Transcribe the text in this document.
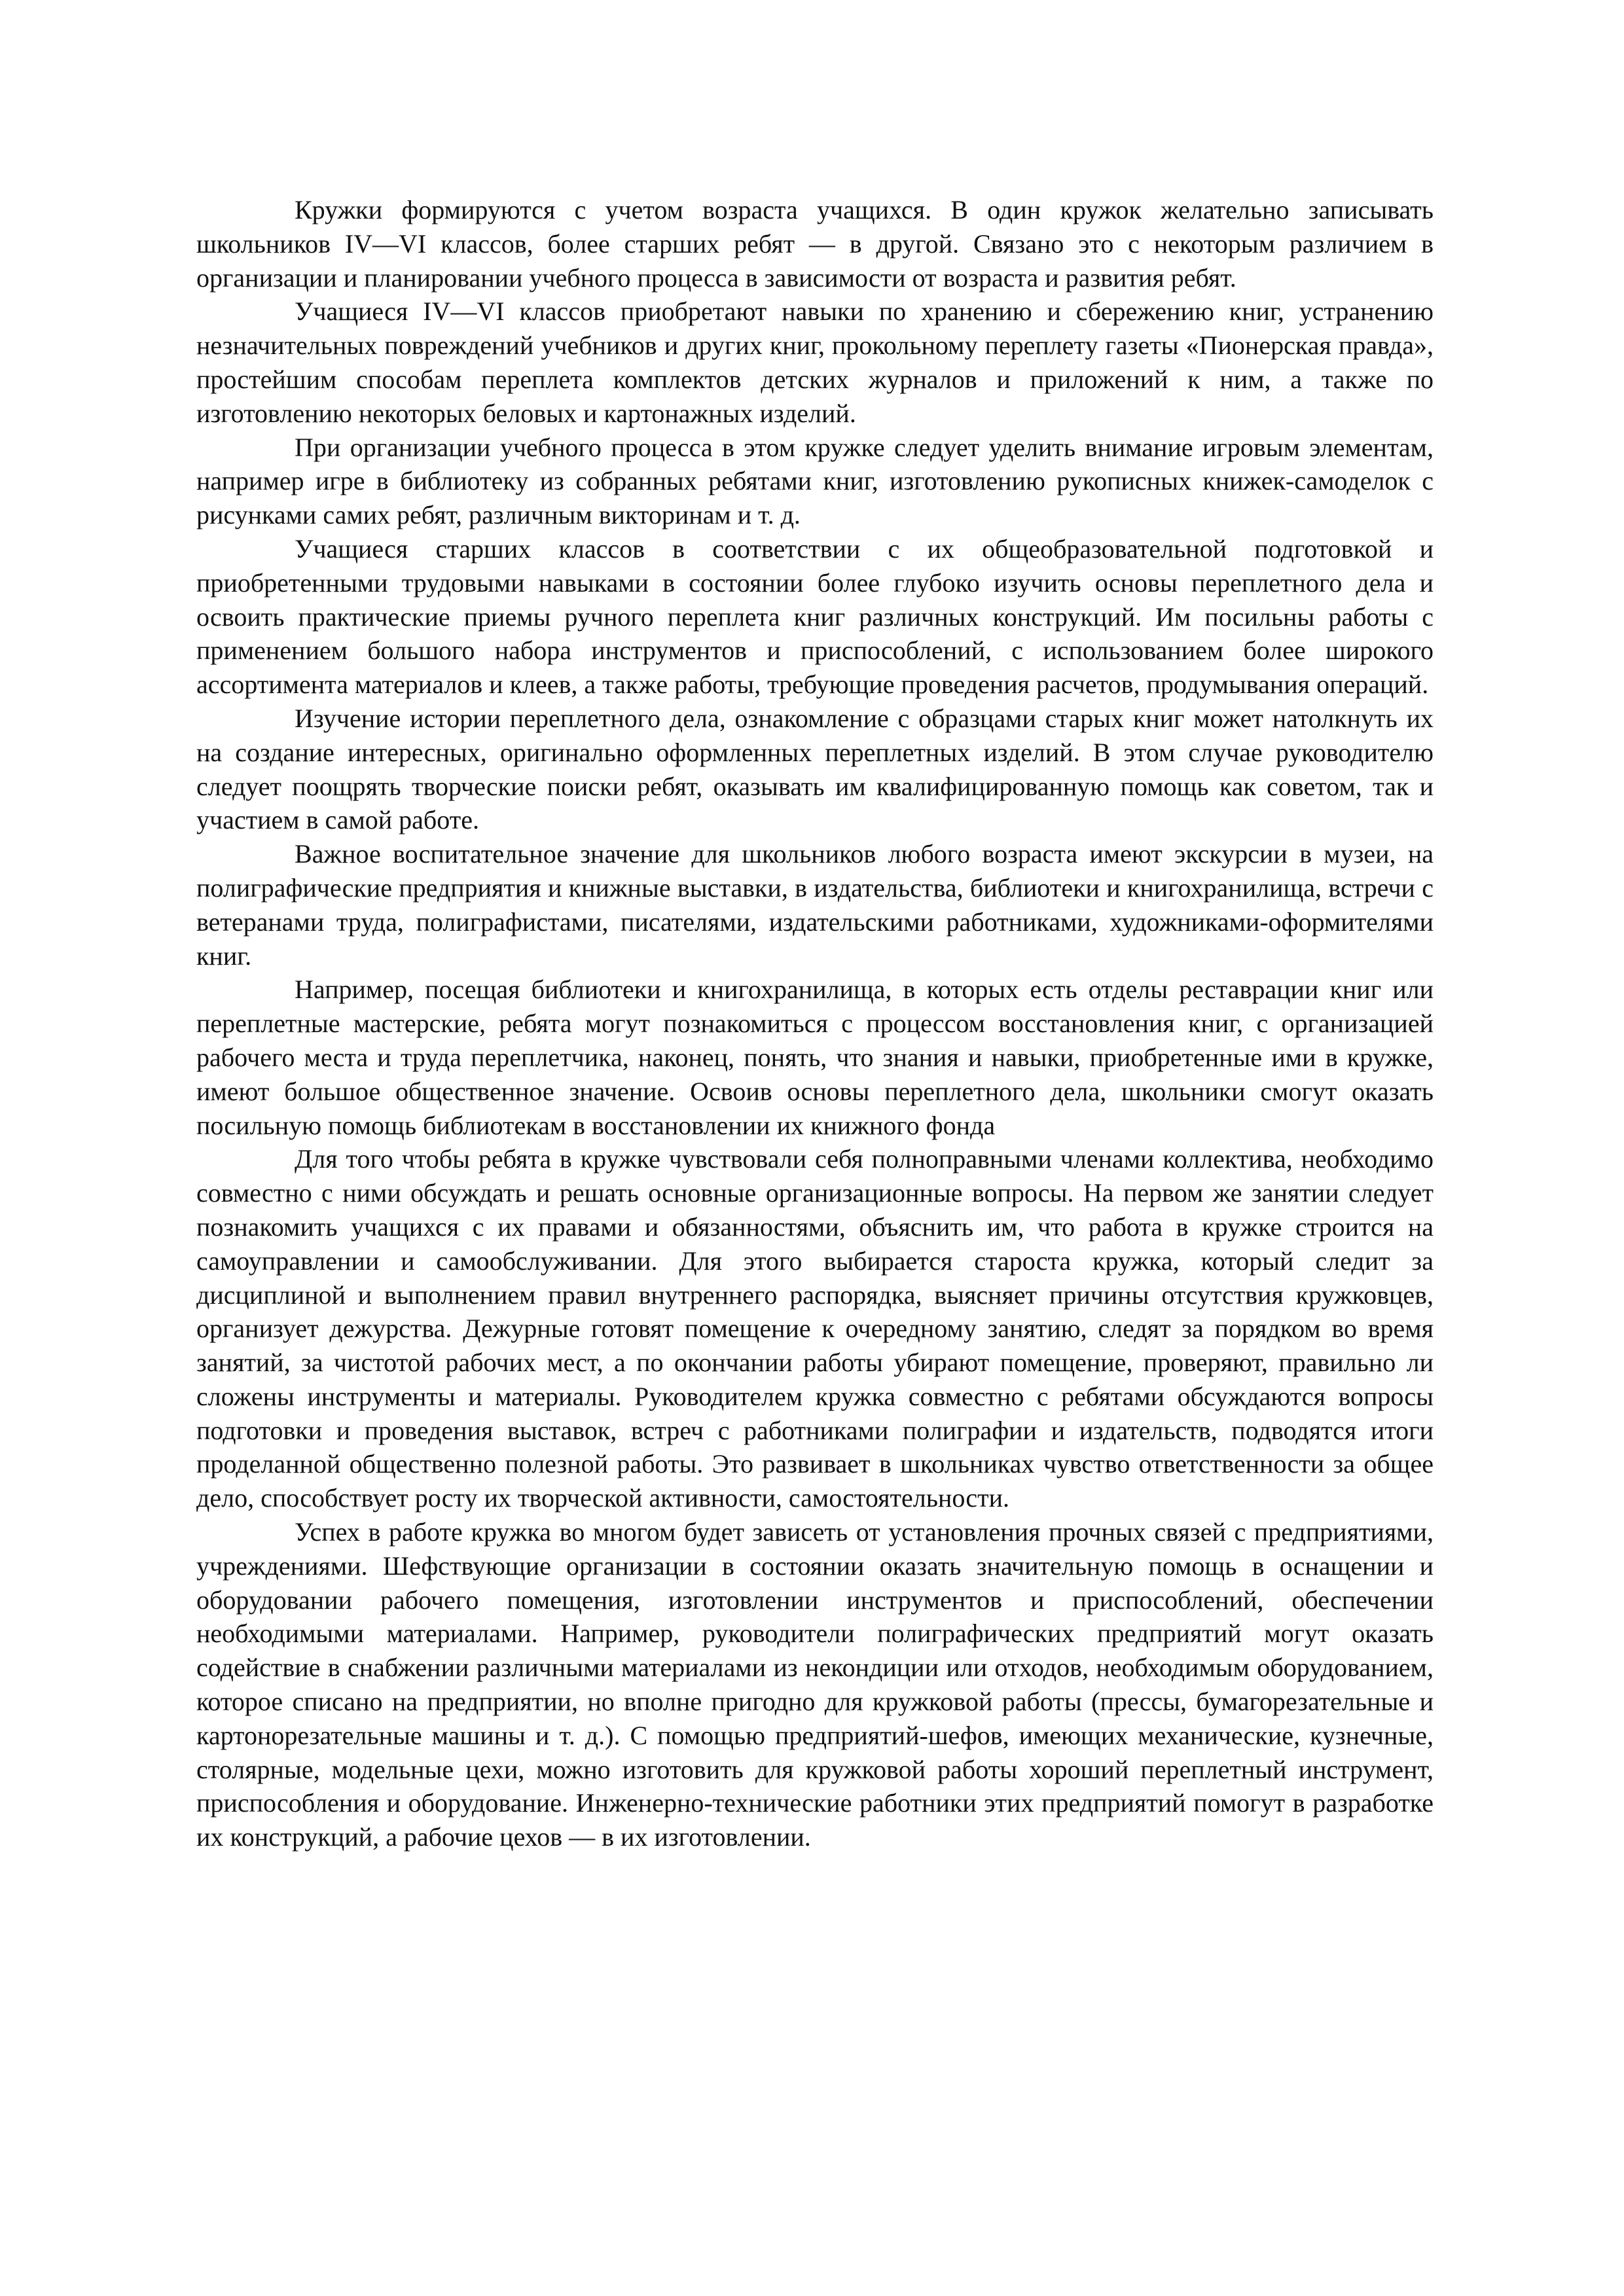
Кружки формируются с учетом возраста учащихся. В один кружок желательно записывать школьников IV—VI классов, более старших ребят — в другой. Связано это с некоторым различием в организации и планировании учебного процесса в зависимости от возраста и развития ребят.

Учащиеся IV—VI классов приобретают навыки по хранению и сбережению книг, устранению незначительных повреждений учебников и других книг, прокольному переплету газеты «Пионерская правда», простейшим способам переплета комплектов детских журналов и приложений к ним, а также по изготовлению некоторых беловых и картонажных изделий.

При организации учебного процесса в этом кружке следует уделить внимание игровым элементам, например игре в библиотеку из собранных ребятами книг, изготовлению рукописных книжек-самоделок с рисунками самих ребят, различным викторинам и т. д.

Учащиеся старших классов в соответствии с их общеобразовательной подготовкой и приобретенными трудовыми навыками в состоянии более глубоко изучить основы переплетного дела и освоить практические приемы ручного переплета книг различных конструкций. Им посильны работы с применением большого набора инструментов и приспособлений, с использованием более широкого ассортимента материалов и клеев, а также работы, требующие проведения расчетов, продумывания операций.

Изучение истории переплетного дела, ознакомление с образцами старых книг может натолкнуть их на создание интересных, оригинально оформленных переплетных изделий. В этом случае руководителю следует поощрять творческие поиски ребят, оказывать им квалифицированную помощь как советом, так и участием в самой работе.

Важное воспитательное значение для школьников любого возраста имеют экскурсии в музеи, на полиграфические предприятия и книжные выставки, в издательства, библиотеки и книгохранилища, встречи с ветеранами труда, полиграфистами, писателями, издательскими работниками, художниками-оформителями книг.

Например, посещая библиотеки и книгохранилища, в которых есть отделы реставрации книг или переплетные мастерские, ребята могут познакомиться с процессом восстановления книг, с организацией рабочего места и труда переплетчика, наконец, понять, что знания и навыки, приобретенные ими в кружке, имеют большое общественное значение. Освоив основы переплетного дела, школьники смогут оказать посильную помощь библиотекам в восстановлении их книжного фонда

Для того чтобы ребята в кружке чувствовали себя полноправными членами коллектива, необходимо совместно с ними обсуждать и решать основные организационные вопросы. На первом же занятии следует познакомить учащихся с их правами и обязанностями, объяснить им, что работа в кружке строится на самоуправлении и самообслуживании. Для этого выбирается староста кружка, который следит за дисциплиной и выполнением правил внутреннего распорядка, выясняет причины отсутствия кружковцев, организует дежурства. Дежурные готовят помещение к очередному занятию, следят за порядком во время занятий, за чистотой рабочих мест, а по окончании работы убирают помещение, проверяют, правильно ли сложены инструменты и материалы. Руководителем кружка совместно с ребятами обсуждаются вопросы подготовки и проведения выставок, встреч с работниками полиграфии и издательств, подводятся итоги проделанной общественно полезной работы. Это развивает в школьниках чувство ответственности за общее дело, способствует росту их творческой активности, самостоятельности.

Успех в работе кружка во многом будет зависеть от установления прочных связей с предприятиями, учреждениями. Шефствующие организации в состоянии оказать значительную помощь в оснащении и оборудовании рабочего помещения, изготовлении инструментов и приспособлений, обеспечении необходимыми материалами. Например, руководители полиграфических предприятий могут оказать содействие в снабжении различными материалами из некондиции или отходов, необходимым оборудованием, которое списано на предприятии, но вполне пригодно для кружковой работы (прессы, бумагорезательные и картонорезательные машины и т. д.). С помощью предприятий-шефов, имеющих механические, кузнечные, столярные, модельные цехи, можно изготовить для кружковой работы хороший переплетный инструмент, приспособления и оборудование. Инженерно-технические работники этих предприятий помогут в разработке их конструкций, а рабочие цехов — в их изготовлении.
